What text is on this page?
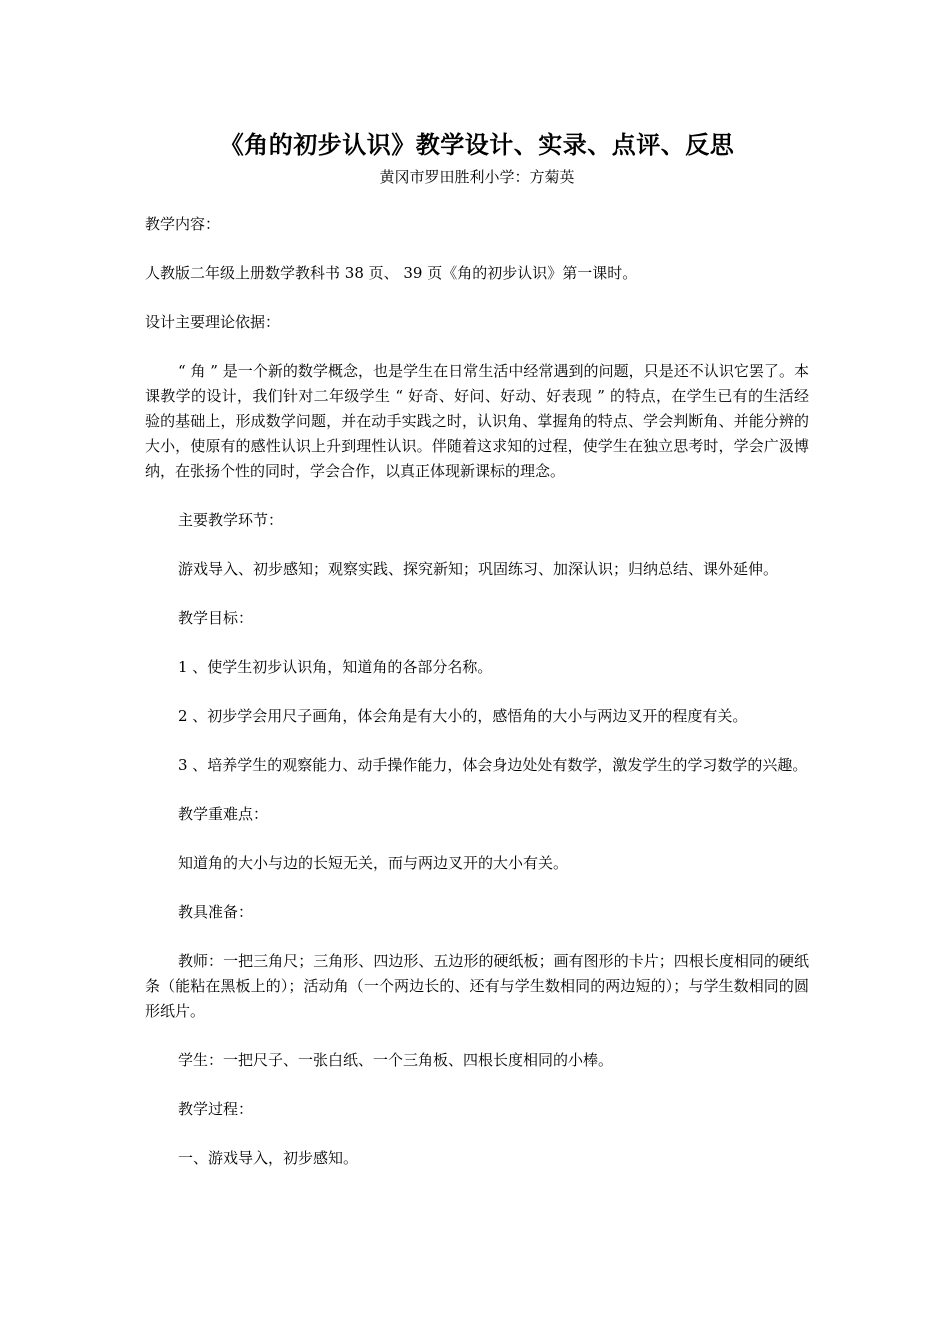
《角的初步认识》教学设计、实录、点评、反思
黄冈市罗田胜利小学：方菊英
教学内容：
人教版二年级上册数学教科书 38 页、 39 页《角的初步认识》第一课时。
设计主要理论依据：
“ 角 ” 是一个新的数学概念，也是学生在日常生活中经常遇到的问题，只是还不认识它罢了。本课教学的设计，我们针对二年级学生 “ 好奇、好问、好动、好表现 ” 的特点，在学生已有的生活经验的基础上，形成数学问题，并在动手实践之时，认识角、掌握角的特点、学会判断角、并能分辨的大小，使原有的感性认识上升到理性认识。伴随着这求知的过程，使学生在独立思考时，学会广汲博纳，在张扬个性的同时，学会合作，以真正体现新课标的理念。
主要教学环节：
游戏导入、初步感知；观察实践、探究新知；巩固练习、加深认识；归纳总结、课外延伸。
教学目标：
1 、使学生初步认识角，知道角的各部分名称。
2 、初步学会用尺子画角，体会角是有大小的，感悟角的大小与两边叉开的程度有关。
3 、培养学生的观察能力、动手操作能力，体会身边处处有数学，激发学生的学习数学的兴趣。
教学重难点：
知道角的大小与边的长短无关，而与两边叉开的大小有关。
教具准备：
教师：一把三角尺；三角形、四边形、五边形的硬纸板；画有图形的卡片；四根长度相同的硬纸条（能粘在黑板上的）；活动角（一个两边长的、还有与学生数相同的两边短的）；与学生数相同的圆形纸片。
学生：一把尺子、一张白纸、一个三角板、四根长度相同的小棒。
教学过程：
一、游戏导入，初步感知。
